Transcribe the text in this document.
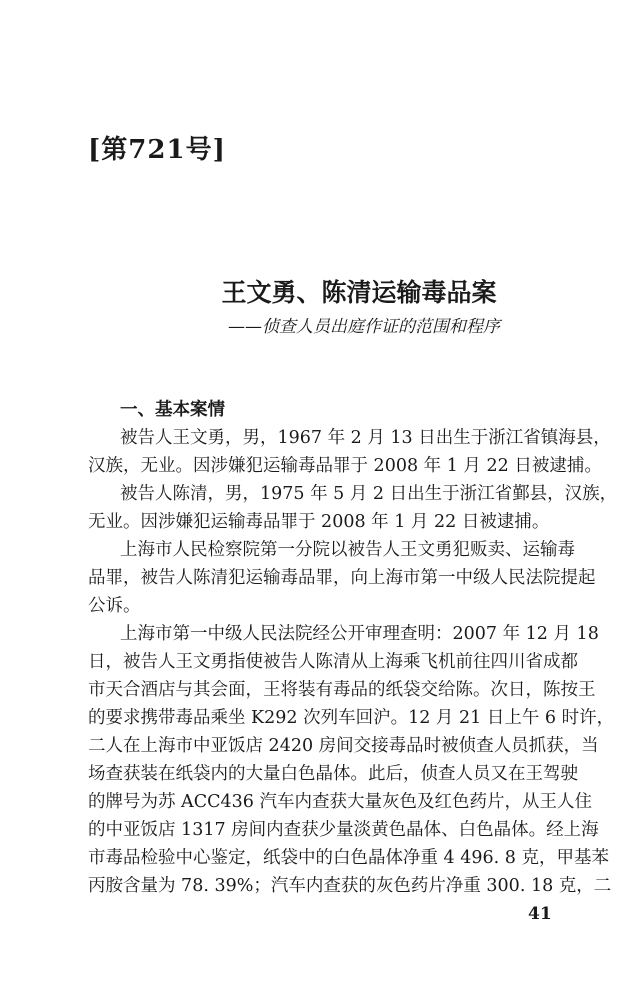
[第721号]
王文勇、陈清运输毒品案
——侦查人员出庭作证的范围和程序
一、基本案情
被告人王文勇，男，1967 年 2 月 13 日出生于浙江省镇海县，
汉族，无业。因涉嫌犯运输毒品罪于 2008 年 1 月 22 日被逮捕。
被告人陈清，男，1975 年 5 月 2 日出生于浙江省鄞县，汉族，
无业。因涉嫌犯运输毒品罪于 2008 年 1 月 22 日被逮捕。
上海市人民检察院第一分院以被告人王文勇犯贩卖、运输毒
品罪，被告人陈清犯运输毒品罪，向上海市第一中级人民法院提起
公诉。
上海市第一中级人民法院经公开审理查明：2007 年 12 月 18
日，被告人王文勇指使被告人陈清从上海乘飞机前往四川省成都
市天合酒店与其会面，王将装有毒品的纸袋交给陈。次日，陈按王
的要求携带毒品乘坐 K292 次列车回沪。12 月 21 日上午 6 时许，
二人在上海市中亚饭店 2420 房间交接毒品时被侦查人员抓获，当
场查获装在纸袋内的大量白色晶体。此后，侦查人员又在王驾驶
的牌号为苏 ACC436 汽车内查获大量灰色及红色药片，从王人住
的中亚饭店 1317 房间内查获少量淡黄色晶体、白色晶体。经上海
市毒品检验中心鉴定，纸袋中的白色晶体净重 4 496. 8 克，甲基苯
丙胺含量为 78. 39%；汽车内查获的灰色药片净重 300. 18 克，二
41
